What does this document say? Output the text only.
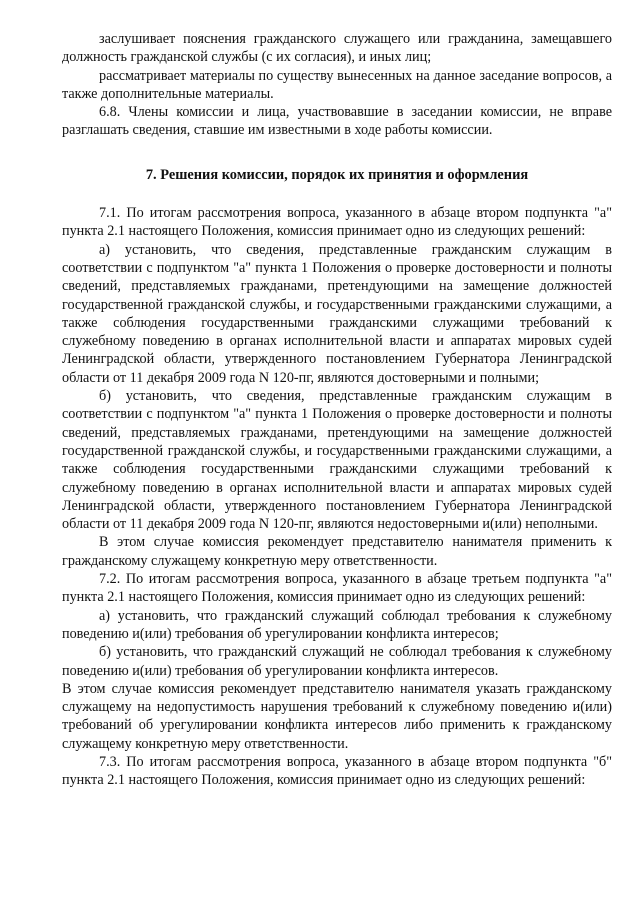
заслушивает пояснения гражданского служащего или гражданина, замещавшего должность гражданской службы (с их согласия), и иных лиц;

рассматривает материалы по существу вынесенных на данное заседание вопросов, а также дополнительные материалы.

6.8. Члены комиссии и лица, участвовавшие в заседании комиссии, не вправе разглашать сведения, ставшие им известными в ходе работы комиссии.

7. Решения комиссии, порядок их принятия и оформления

7.1. По итогам рассмотрения вопроса, указанного в абзаце втором подпункта "а" пункта 2.1 настоящего Положения, комиссия принимает одно из следующих решений:

а) установить, что сведения, представленные гражданским служащим в соответствии с подпунктом "а" пункта 1 Положения о проверке достоверности и полноты сведений, представляемых гражданами, претендующими на замещение должностей государственной гражданской службы, и государственными гражданскими служащими, а также соблюдения государственными гражданскими служащими требований к служебному поведению в органах исполнительной власти и аппаратах мировых судей Ленинградской области, утвержденного постановлением Губернатора Ленинградской области от 11 декабря 2009 года N 120-пг, являются достоверными и полными;

б) установить, что сведения, представленные гражданским служащим в соответствии с подпунктом "а" пункта 1 Положения о проверке достоверности и полноты сведений, представляемых гражданами, претендующими на замещение должностей государственной гражданской службы, и государственными гражданскими служащими, а также соблюдения государственными гражданскими служащими требований к служебному поведению в органах исполнительной власти и аппаратах мировых судей Ленинградской области, утвержденного постановлением Губернатора Ленинградской области от 11 декабря 2009 года N 120-пг, являются недостоверными и(или) неполными.

В этом случае комиссия рекомендует представителю нанимателя применить к гражданскому служащему конкретную меру ответственности.

7.2. По итогам рассмотрения вопроса, указанного в абзаце третьем подпункта "а" пункта 2.1 настоящего Положения, комиссия принимает одно из следующих решений:

а) установить, что гражданский служащий соблюдал требования к служебному поведению и(или) требования об урегулировании конфликта интересов;

б) установить, что гражданский служащий не соблюдал требования к служебному поведению и(или) требования об урегулировании конфликта интересов.

В этом случае комиссия рекомендует представителю нанимателя указать гражданскому служащему на недопустимость нарушения требований к служебному поведению и(или) требований об урегулировании конфликта интересов либо применить к гражданскому служащему конкретную меру ответственности.

7.3. По итогам рассмотрения вопроса, указанного в абзаце втором подпункта "б" пункта 2.1 настоящего Положения, комиссия принимает одно из следующих решений:
